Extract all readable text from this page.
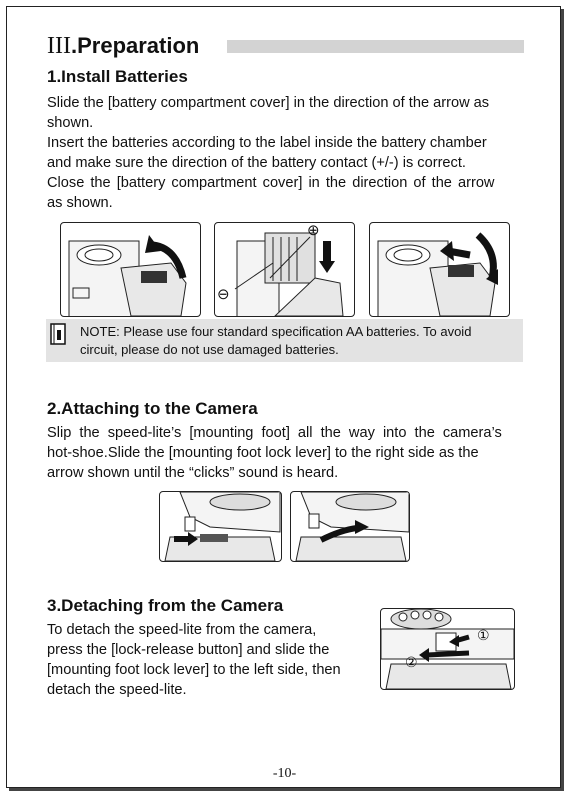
III.Preparation
1.Install Batteries
Slide the [battery compartment cover] in the direction of the arrow as
shown.
Insert the batteries according to the label inside the battery chamber
and make sure the direction of the battery contact (+/-) is correct.
Close the [battery compartment cover] in the direction of the arrow
as shown.
⊕
⊖
NOTE: Please use four standard specification AA batteries. To avoid
circuit, please do not use damaged batteries.
2.Attaching to the Camera
Slip the speed-lite’s [mounting foot] all the way into the camera’s
hot-shoe.Slide the [mounting foot lock lever] to the right side as the
arrow shown until the “clicks” sound is heard.
3.Detaching from the Camera
To detach the speed-lite from the camera,
press the [lock-release button] and slide the
[mounting foot lock lever] to the left side, then
detach the speed-lite.
①
②
-10-
